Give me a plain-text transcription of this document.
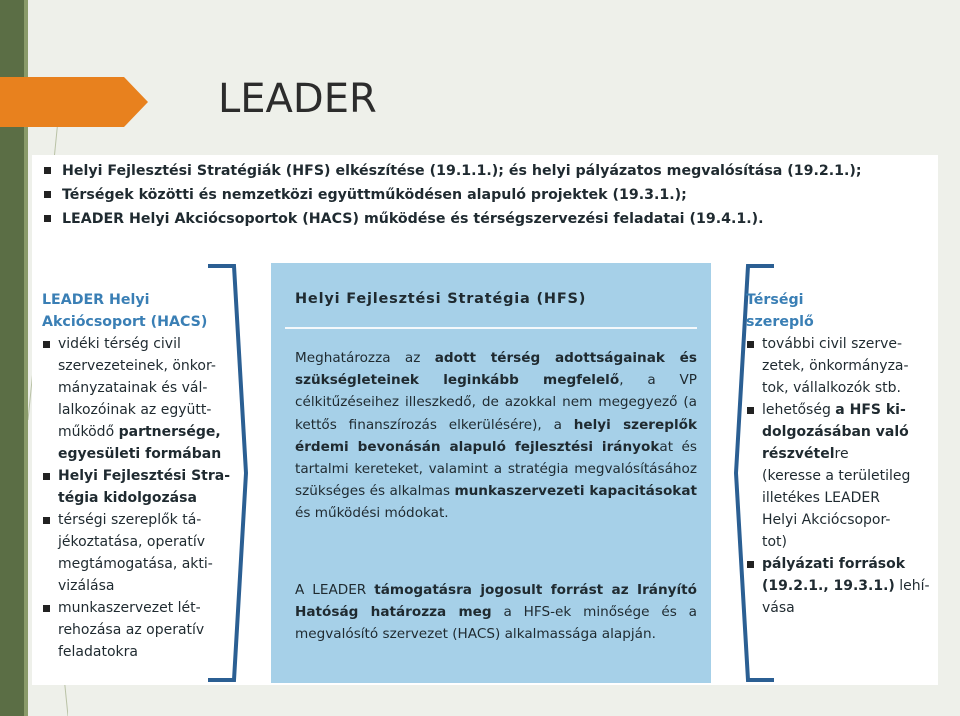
LEADER
Helyi Fejlesztési Stratégiák (HFS) elkészítése (19.1.1.); és helyi pályázatos megvalósítása (19.2.1.);
Térségek közötti és nemzetközi együttműködésen alapuló projektek (19.3.1.);
LEADER Helyi Akciócsoportok (HACS) működése és térségszervezési feladatai (19.4.1.).
LEADER Helyi
Akciócsoport (HACS)
vidéki térség civil
szervezeteinek, önkor-
mányzatainak és vál-
lalkozóinak az együtt-
működő partnersége,
egyesületi formában
Helyi Fejlesztési Stra-
tégia kidolgozása
térségi szereplők tá-
jékoztatása, operatív
megtámogatása, akti-
vizálása
munkaszervezet lét-
rehozása az operatív
feladatokra
Helyi Fejlesztési Stratégia (HFS)

Meghatározza az adott térség adottságainak és szükségleteinek leginkább megfelelő, a VP célkitűzéseihez illeszkedő, de azokkal nem megegyező (a kettős finanszírozás elkerülésére), a helyi szereplők érdemi bevonásán alapuló fejlesztési irányokat és tartalmi kereteket, valamint a stratégia megvalósításához szükséges és alkalmas munkaszervezeti kapacitásokat és működési módokat.

A LEADER támogatásra jogosult forrást az Irányító Hatóság határozza meg a HFS-ek minősége és a megvalósító szervezet (HACS) alkalmassága alapján.

Térségi
szereplő
további civil szerve-
zetek, önkormányza-
tok, vállalkozók stb.
lehetőség a HFS ki-
dolgozásában való
részvételre
(keresse a területileg
illetékes LEADER
Helyi Akciócsopor-
tot)
pályázati források
(19.2.1., 19.3.1.) lehí-
vása
